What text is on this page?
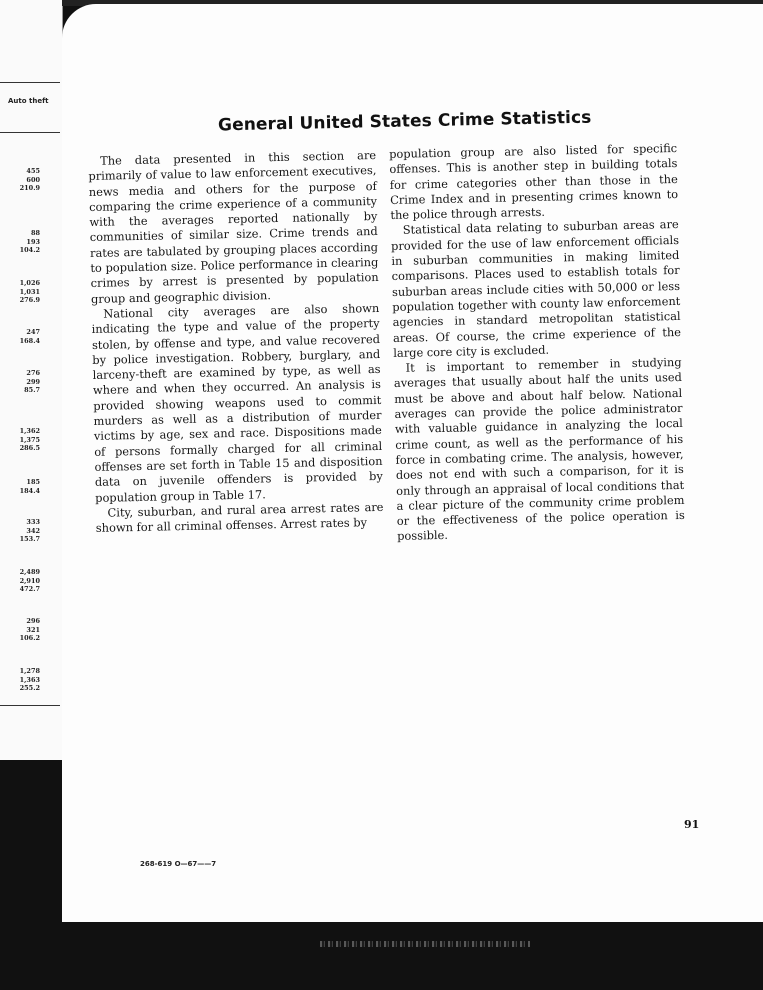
Auto theft
455
600
210.9
88
193
104.2
1,026
1,031
276.9
247
168.4
276
299
85.7
1,362
1,375
286.5
185
184.4
333
342
153.7
2,489
2,910
472.7
296
321
106.2
1,278
1,363
255.2
General United States Crime Statistics

The data presented in this section are primarily of value to law enforcement executives, news media and others for the purpose of comparing the crime experience of a community with the averages reported nationally by communities of similar size. Crime trends and rates are tabulated by grouping places according to population size. Police performance in clearing crimes by arrest is presented by population group and geographic division.

National city averages are also shown indicating the type and value of the property stolen, by offense and type, and value recovered by police investigation. Robbery, burglary, and larceny-theft are examined by type, as well as where and when they occurred. An analysis is provided showing weapons used to commit murders as well as a distribution of murder victims by age, sex and race. Dispositions made of persons formally charged for all criminal offenses are set forth in Table 15 and disposition data on juvenile offenders is provided by population group in Table 17.

City, suburban, and rural area arrest rates are shown for all criminal offenses. Arrest rates by

population group are also listed for specific offenses. This is another step in building totals for crime categories other than those in the Crime Index and in presenting crimes known to the police through arrests.

Statistical data relating to suburban areas are provided for the use of law enforcement officials in suburban communities in making limited comparisons. Places used to establish totals for suburban areas include cities with 50,000 or less population together with county law enforcement agencies in standard metropolitan statistical areas. Of course, the crime experience of the large core city is excluded.

It is important to remember in studying averages that usually about half the units used must be above and about half below. National averages can provide the police administrator with valuable guidance in analyzing the local crime count, as well as the performance of his force in combating crime. The analysis, however, does not end with such a comparison, for it is only through an appraisal of local conditions that a clear picture of the community crime problem or the effectiveness of the police operation is possible.

91
268-619 O—67——7
